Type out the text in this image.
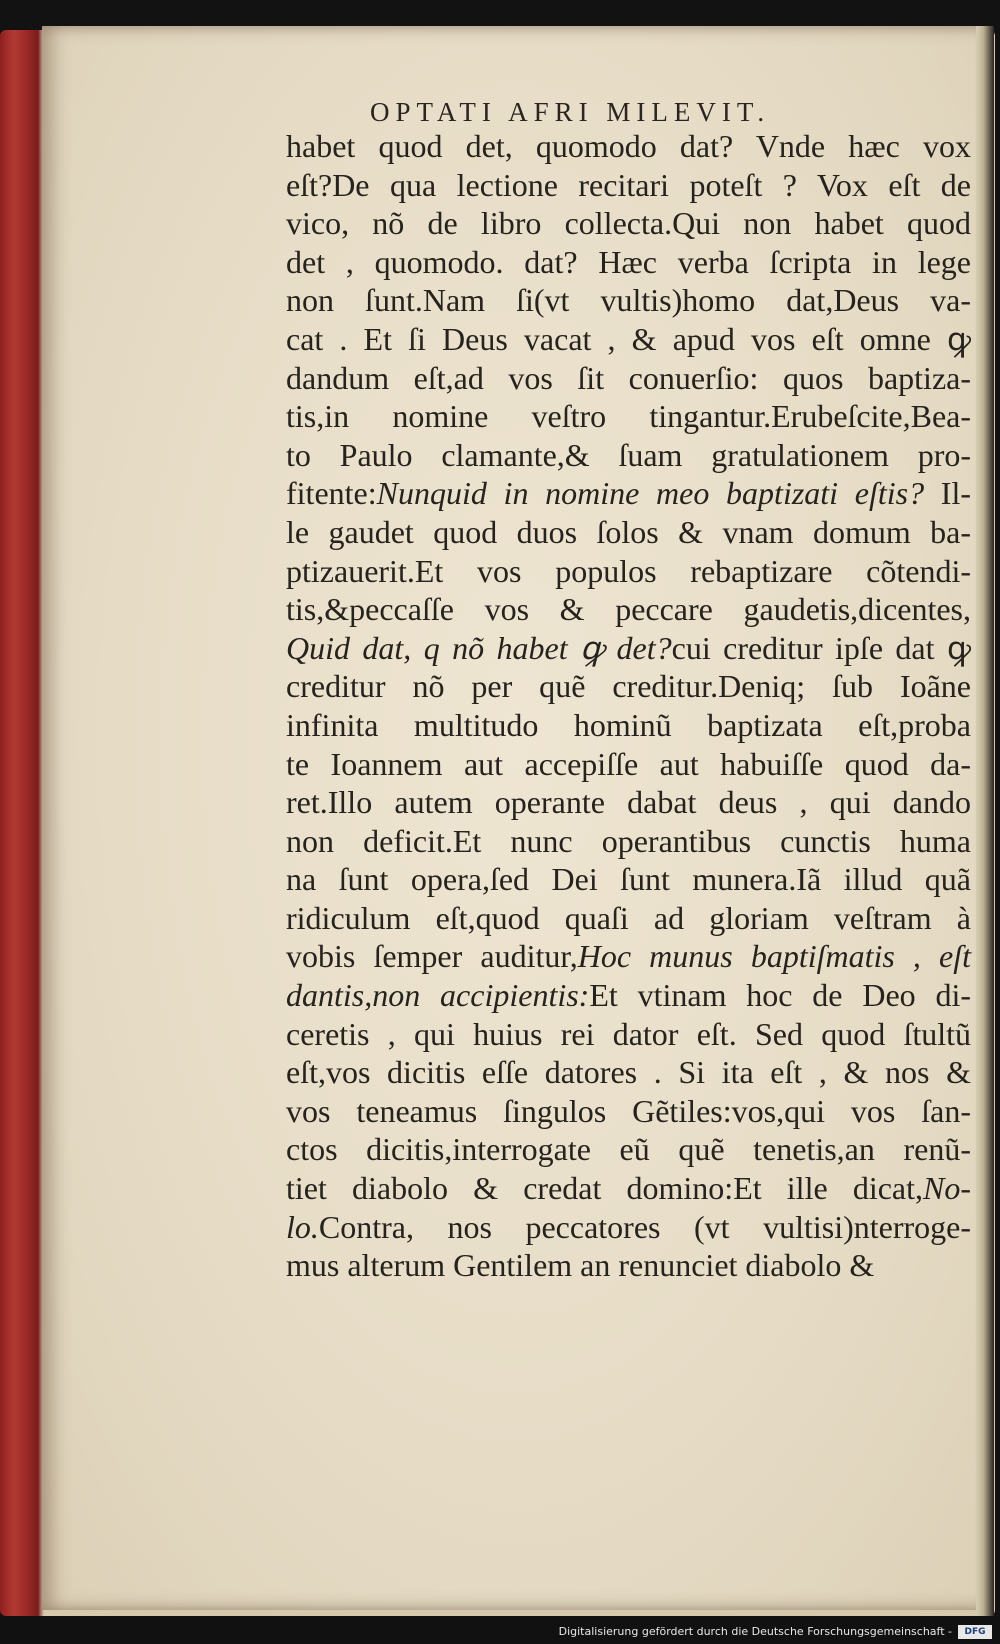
OPTATI AFRI MILEVIT.
habet quod det, quomodo dat? Vnde hæc vox
eſt?De qua lectione recitari poteſt ? Vox eſt de
vico, nõ de libro collecta.Qui non habet quod
det , quomodo. dat? Hæc verba ſcripta in lege
non ſunt.Nam ſi(vt vultis)homo dat,Deus va-
cat . Et ſi Deus vacat , & apud vos eſt omne ꝙ
dandum eſt,ad vos ſit conuerſio: quos baptiza-
tis,in nomine veſtro tingantur.Erubeſcite,Bea-
to Paulo clamante,& ſuam gratulationem pro-
fitente:Nunquid in nomine meo baptizati eſtis? Il-
le gaudet quod duos ſolos & vnam domum ba-
ptizauerit.Et vos populos rebaptizare cõtendi-
tis,&peccaſſe vos & peccare gaudetis,dicentes,
Quid dat, q nõ habet ꝙ det?cui creditur ipſe dat ꝙ
creditur nõ per quẽ creditur.Deniq; ſub Ioãne
infinita multitudo hominũ baptizata eſt,proba
te Ioannem aut accepiſſe aut habuiſſe quod da-
ret.Illo autem operante dabat deus , qui dando
non deficit.Et nunc operantibus cunctis huma
na ſunt opera,ſed Dei ſunt munera.Iã illud quã
ridiculum eſt,quod quaſi ad gloriam veſtram à
vobis ſemper auditur,Hoc munus baptiſmatis , eſt
dantis,non accipientis:Et vtinam hoc de Deo di-
ceretis , qui huius rei dator eſt. Sed quod ſtultũ
eſt,vos dicitis eſſe datores . Si ita eſt , & nos &
vos teneamus ſingulos Gẽtiles:vos,qui vos ſan-
ctos dicitis,interrogate eũ quẽ tenetis,an renũ-
tiet diabolo & credat domino:Et ille dicat,No-
lo.Contra, nos peccatores (vt vultisi)nterroge-
mus alterum Gentilem an renunciet diabolo &
Digitalisierung gefördert durch die Deutsche Forschungsgemeinschaft -	DFG
